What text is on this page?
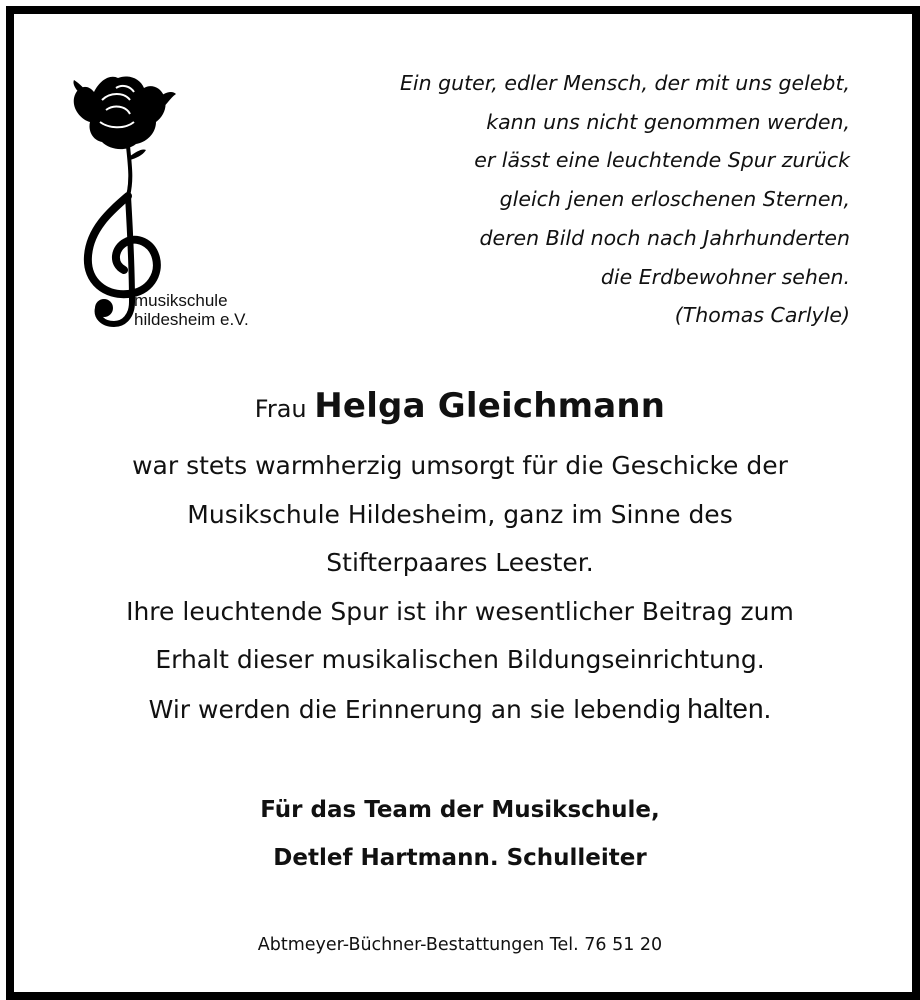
musikschule
hildesheim e.V.
Ein guter, edler Mensch, der mit uns gelebt,
kann uns nicht genommen werden,
er lässt eine leuchtende Spur zurück
gleich jenen erloschenen Sternen,
deren Bild noch nach Jahrhunderten
die Erdbewohner sehen.
(Thomas Carlyle)
Frau Helga Gleichmann
war stets warmherzig umsorgt für die Geschicke der
Musikschule Hildesheim, ganz im Sinne des
Stifterpaares Leester.
Ihre leuchtende Spur ist ihr wesentlicher Beitrag zum
Erhalt dieser musikalischen Bildungseinrichtung.
Wir werden die Erinnerung an sie lebendig halten.
Für das Team der Musikschule,
Detlef Hartmann. Schulleiter
Abtmeyer-Büchner-Bestattungen Tel. 76 51 20
